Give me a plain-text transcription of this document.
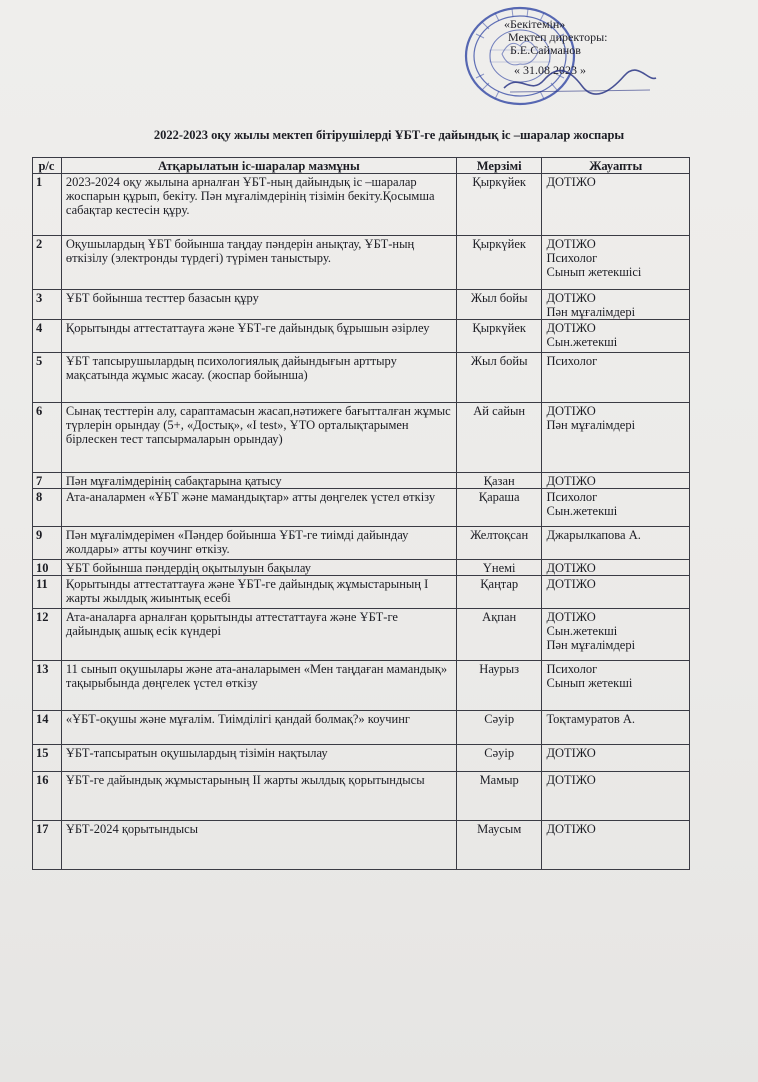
«Бекітемін»
Мектеп директоры:
Б.Е.Сайманов
« 31.08.2023 »
2022-2023 оқу жылы мектеп бітірушілерді ҰБТ-ге дайындық іс –шаралар жоспары
р/с	Атқарылатын іс-шаралар мазмұны	Мерзімі	Жауапты
1	2023-2024 оқу жылына арналған ҰБТ-ның дайындық іс –шаралар жоспарын құрып, бекіту. Пән мұғалімдерінің тізімін бекіту.Қосымша сабақтар кестесін құру.	Қыркүйек	ДОТІЖО

2	Оқушылардың ҰБТ бойынша таңдау пәндерін анықтау, ҰБТ-ның өткізілу (электронды түрдегі) түрімен таныстыру.	Қыркүйек	ДОТІЖО
Психолог
Сынып жетекшісі

3	ҰБТ бойынша тесттер базасын құру	Жыл бойы	ДОТІЖО
Пән мұғалімдері

4	Қорытынды аттестаттауға және ҰБТ-ге дайындық бұрышын әзірлеу	Қыркүйек	ДОТІЖО
Сын.жетекші

5	ҰБТ тапсырушылардың психологиялық дайындығын арттыру мақсатында жұмыс жасау. (жоспар бойынша)	Жыл бойы	Психолог

6	Сынақ тесттерін алу, сараптамасын жасап,нәтижеге бағытталған жұмыс түрлерін орындау (5+, «Достық», «I test», ҰТО орталықтарымен бірлескен тест тапсырмаларын орындау)	Ай сайын	ДОТІЖО
Пән мұғалімдері

7	Пән мұғалімдерінің сабақтарына қатысу	Қазан	ДОТІЖО

8	Ата-аналармен «ҰБТ және мамандықтар» атты дөңгелек үстел өткізу	Қараша	Психолог
Сын.жетекші

9	Пән мұғалімдерімен «Пәндер бойынша ҰБТ-ге тиімді дайындау жолдары» атты коучинг өткізу.	Желтоқсан	Джарылкапова А.

10	ҰБТ бойынша пәндердің оқытылуын бақылау	Үнемі	ДОТІЖО

11	Қорытынды аттестаттауға және ҰБТ-ге дайындық жұмыстарының І жарты жылдық жиынтық есебі	Қаңтар	ДОТІЖО

12	Ата-аналарға арналған қорытынды аттестаттауға және ҰБТ-ге дайындық ашық есік күндері	Ақпан	ДОТІЖО
Сын.жетекші
Пән мұғалімдері

13	11 сынып оқушылары және ата-аналарымен «Мен таңдаған мамандық» тақырыбында дөңгелек үстел өткізу	Наурыз	Психолог
Сынып жетекші

14	«ҰБТ-оқушы және мұғалім. Тиімділігі қандай болмақ?» коучинг	Сәуір	Тоқтамуратов А.

15	ҰБТ-тапсыратын оқушылардың тізімін нақтылау	Сәуір	ДОТІЖО

16	ҰБТ-ге дайындық жұмыстарының ІІ жарты жылдық қорытындысы	Мамыр	ДОТІЖО

17	ҰБТ-2024 қорытындысы	Маусым	ДОТІЖО
